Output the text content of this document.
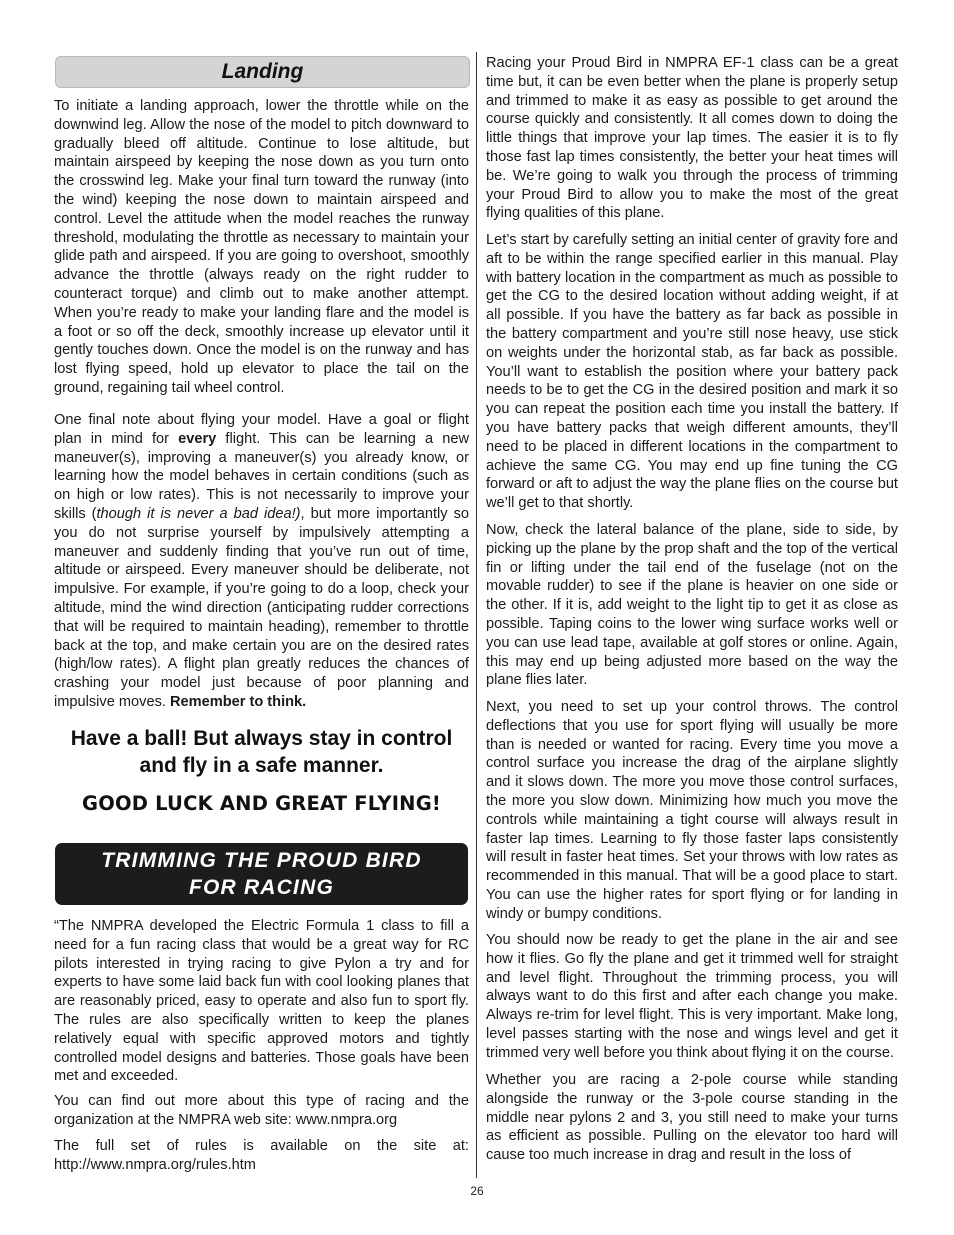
Landing

To initiate a landing approach, lower the throttle while on the downwind leg. Allow the nose of the model to pitch downward to gradually bleed off altitude. Continue to lose altitude, but maintain airspeed by keeping the nose down as you turn onto the crosswind leg. Make your final turn toward the runway (into the wind) keeping the nose down to maintain airspeed and control. Level the attitude when the model reaches the runway threshold, modulating the throttle as necessary to maintain your glide path and airspeed. If you are going to overshoot, smoothly advance the throttle (always ready on the right rudder to counteract torque) and climb out to make another attempt. When you’re ready to make your landing flare and the model is a foot or so off the deck, smoothly increase up elevator until it gently touches down. Once the model is on the runway and has lost flying speed, hold up elevator to place the tail on the ground, regaining tail wheel control.

One final note about flying your model. Have a goal or flight plan in mind for every flight. This can be learning a new maneuver(s), improving a maneuver(s) you already know, or learning how the model behaves in certain conditions (such as on high or low rates). This is not necessarily to improve your skills (though it is never a bad idea!), but more importantly so you do not surprise yourself by impulsively attempting a maneuver and suddenly finding that you’ve run out of time, altitude or airspeed. Every maneuver should be deliberate, not impulsive. For example, if you’re going to do a loop, check your altitude, mind the wind direction (anticipating rudder corrections that will be required to maintain heading), remember to throttle back at the top, and make certain you are on the desired rates (high/low rates). A flight plan greatly reduces the chances of crashing your model just because of poor planning and impulsive moves. Remember to think.

Have a ball! But always stay in control
and fly in a safe manner.
GOOD LUCK AND GREAT FLYING!
TRIMMING THE PROUD BIRD
FOR RACING

“The NMPRA developed the Electric Formula 1 class to fill a need for a fun racing class that would be a great way for RC pilots interested in trying racing to give Pylon a try and for experts to have some laid back fun with cool looking planes that are reasonably priced, easy to operate and also fun to sport fly. The rules are also specifically written to keep the planes relatively equal with specific approved motors and tightly controlled model designs and batteries. Those goals have been met and exceeded.

You can find out more about this type of racing and the organization at the NMPRA web site: www.nmpra.org

The full set of rules is available on the site at: http://www.nmpra.org/rules.htm

Racing your Proud Bird in NMPRA EF-1 class can be a great time but, it can be even better when the plane is properly setup and trimmed to make it as easy as possible to get around the course quickly and consistently. It all comes down to doing the little things that improve your lap times. The easier it is to fly those fast lap times consistently, the better your heat times will be. We’re going to walk you through the process of trimming your Proud Bird to allow you to make the most of the great flying qualities of this plane.

Let’s start by carefully setting an initial center of gravity fore and aft to be within the range specified earlier in this manual. Play with battery location in the compartment as much as possible to get the CG to the desired location without adding weight, if at all possible. If you have the battery as far back as possible in the battery compartment and you’re still nose heavy, use stick on weights under the horizontal stab, as far back as possible. You’ll want to establish the position where your battery pack needs to be to get the CG in the desired position and mark it so you can repeat the position each time you install the battery. If you have battery packs that weigh different amounts, they’ll need to be placed in different locations in the compartment to achieve the same CG. You may end up fine tuning the CG forward or aft to adjust the way the plane flies on the course but we’ll get to that shortly.

Now, check the lateral balance of the plane, side to side, by picking up the plane by the prop shaft and the top of the vertical fin or lifting under the tail end of the fuselage (not on the movable rudder) to see if the plane is heavier on one side or the other. If it is, add weight to the light tip to get it as close as possible. Taping coins to the lower wing surface works well or you can use lead tape, available at golf stores or online. Again, this may end up being adjusted more based on the way the plane flies later.

Next, you need to set up your control throws. The control deflections that you use for sport flying will usually be more than is needed or wanted for racing. Every time you move a control surface you increase the drag of the airplane slightly and it slows down. The more you move those control surfaces, the more you slow down. Minimizing how much you move the controls while maintaining a tight course will always result in faster lap times. Learning to fly those faster laps consistently will result in faster heat times. Set your throws with low rates as recommended in this manual. That will be a good place to start. You can use the higher rates for sport flying or for landing in windy or bumpy conditions.

You should now be ready to get the plane in the air and see how it flies. Go fly the plane and get it trimmed well for straight and level flight. Throughout the trimming process, you will always want to do this first and after each change you make. Always re-trim for level flight. This is very important. Make long, level passes starting with the nose and wings level and get it trimmed very well before you think about flying it on the course.

Whether you are racing a 2-pole course while standing alongside the runway or the 3-pole course standing in the middle near pylons 2 and 3, you still need to make your turns as efficient as possible. Pulling on the elevator too hard will cause too much increase in drag and result in the loss of

26
